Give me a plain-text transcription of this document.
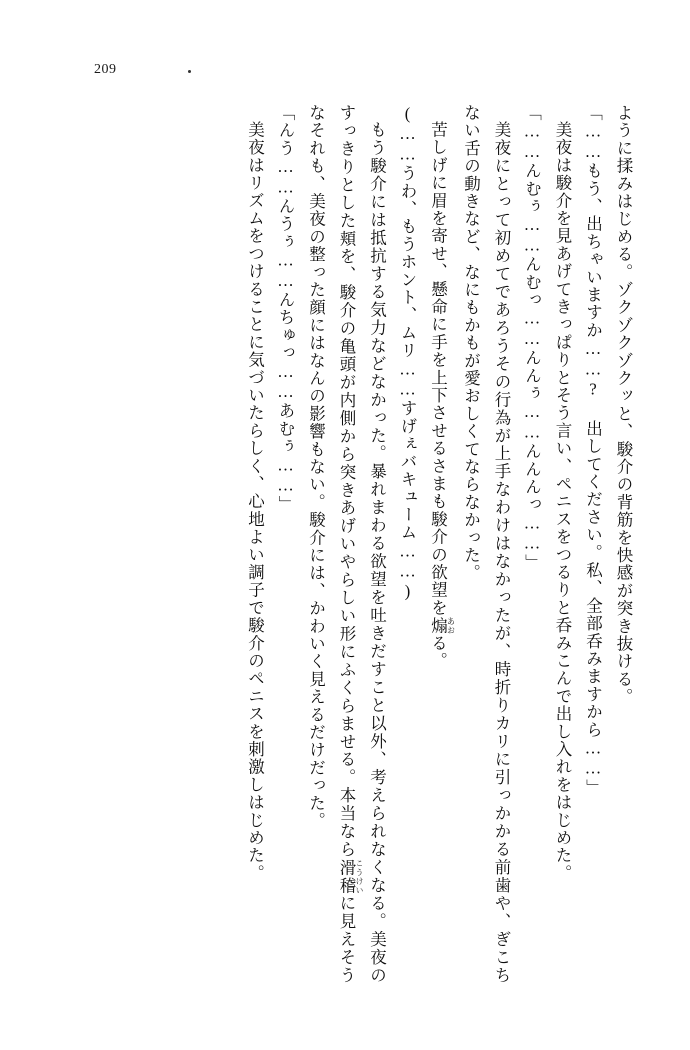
209

ように揉みはじめる。ゾクゾクゾクッと、駿介の背筋を快感が突き抜ける。

「……もう、出ちゃいますか……? 出してください。私、全部呑みますから……」

美夜は駿介を見あげてきっぱりとそう言い、ペニスをつるりと呑みこんで出し入れをはじめた。

「……んむぅ……んむっ……んんぅ……んんんっ……」

美夜にとって初めてであろうその行為が上手なわけはなかったが、時折りカリに引っかかる前歯や、ぎこちない舌の動きなど、なにもかもが愛おしくてならなかった。

苦しげに眉を寄せ、懸命に手を上下させるさまも駿介の欲望を煽 あおる。

(……うわ、もうホント、ムリ……すげぇバキューム……)

もう駿介には抵抗する気力などなかった。暴れまわる欲望を吐きだすこと以外、考えられなくなる。美夜のすっきりとした頬を、駿介の亀頭が内側から突きあげいやらしい形にふくらませる。本当なら滑稽 こうけいに見えそうなそれも、美夜の整った顔にはなんの影響もない。駿介には、かわいく見えるだけだった。

「んう……んうぅ……んちゅっ……あむぅ……」

美夜はリズムをつけることに気づいたらしく、心地よい調子で駿介のペニスを刺激しはじめた。
